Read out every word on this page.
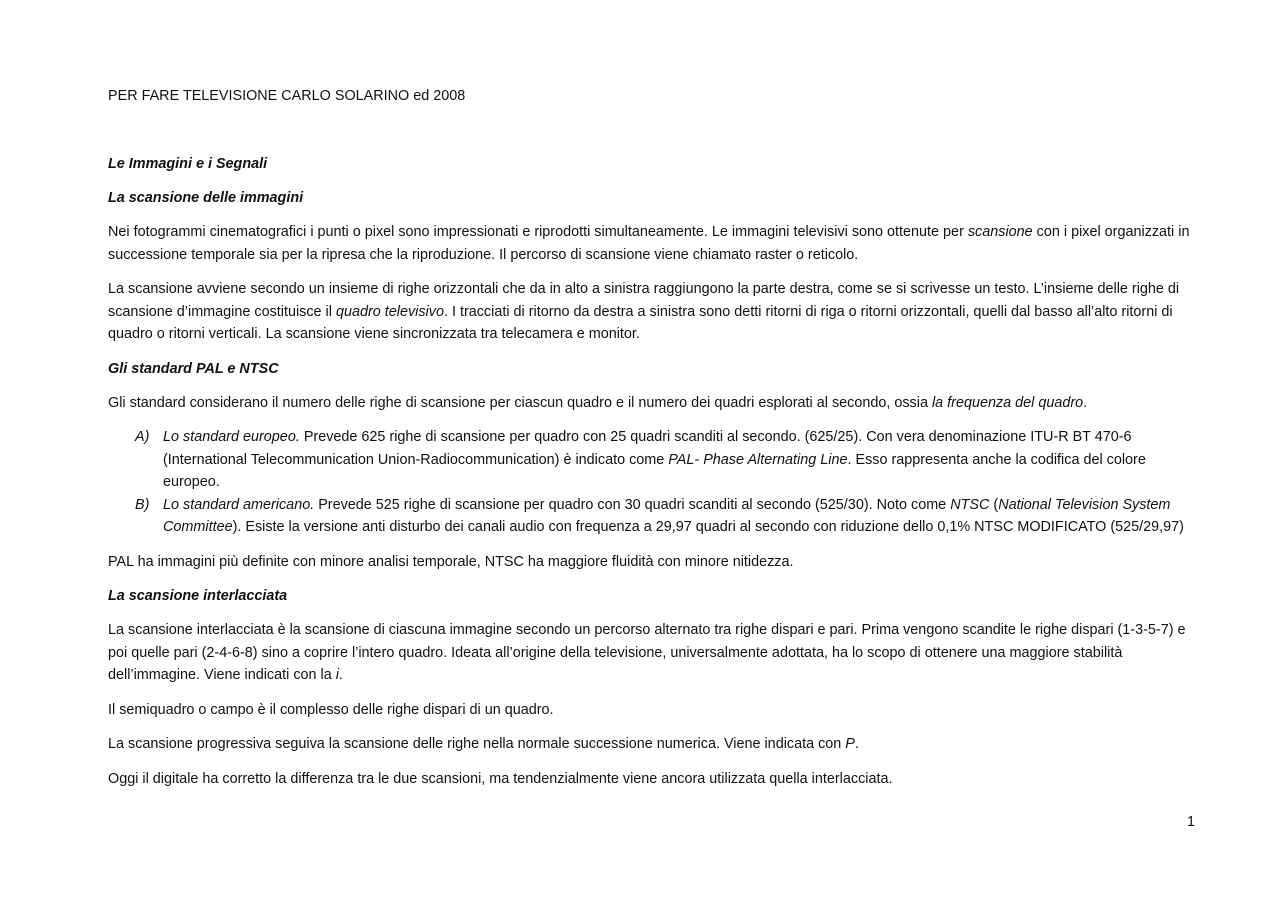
PER FARE TELEVISIONE CARLO SOLARINO ed 2008

Le Immagini e i Segnali

La scansione delle immagini

Nei fotogrammi cinematografici i punti o pixel sono impressionati e riprodotti simultaneamente. Le immagini televisivi sono ottenute per scansione con i pixel organizzati in successione temporale sia per la ripresa che la riproduzione. Il percorso di scansione viene chiamato raster o reticolo.

La scansione avviene secondo un insieme di righe orizzontali che da in alto a sinistra raggiungono la parte destra, come se si scrivesse un testo. L’insieme delle righe di scansione d’immagine costituisce il quadro televisivo. I tracciati di ritorno da destra a sinistra sono detti ritorni di riga o ritorni orizzontali, quelli dal basso all’alto ritorni di quadro o ritorni verticali. La scansione viene sincronizzata tra telecamera e monitor.

Gli standard PAL e NTSC

Gli standard considerano il numero delle righe di scansione per ciascun quadro e il numero dei quadri esplorati al secondo, ossia la frequenza del quadro.

A) Lo standard europeo. Prevede 625 righe di scansione per quadro con 25 quadri scanditi al secondo. (625/25). Con vera denominazione ITU-R BT 470-6 (International Telecommunication Union-Radiocommunication) è indicato come PAL- Phase Alternating Line. Esso rappresenta anche la codifica del colore europeo.
B) Lo standard americano. Prevede 525 righe di scansione per quadro con 30 quadri scanditi al secondo (525/30). Noto come NTSC (National Television System Committee). Esiste la versione anti disturbo dei canali audio con frequenza a 29,97 quadri al secondo con riduzione dello 0,1% NTSC MODIFICATO (525/29,97)

PAL ha immagini più definite con minore analisi temporale, NTSC ha maggiore fluidità con minore nitidezza.

La scansione interlacciata

La scansione interlacciata è la scansione di ciascuna immagine secondo un percorso alternato tra righe dispari e pari. Prima vengono scandite le righe dispari (1-3-5-7) e poi quelle pari (2-4-6-8) sino a coprire l’intero quadro. Ideata all’origine della televisione, universalmente adottata, ha lo scopo di ottenere una maggiore stabilità dell’immagine. Viene indicati con la i.

Il semiquadro o campo è il complesso delle righe dispari di un quadro.

La scansione progressiva seguiva la scansione delle righe nella normale successione numerica. Viene indicata con P.

Oggi il digitale ha corretto la differenza tra le due scansioni, ma tendenzialmente viene ancora utilizzata quella interlacciata.

1
